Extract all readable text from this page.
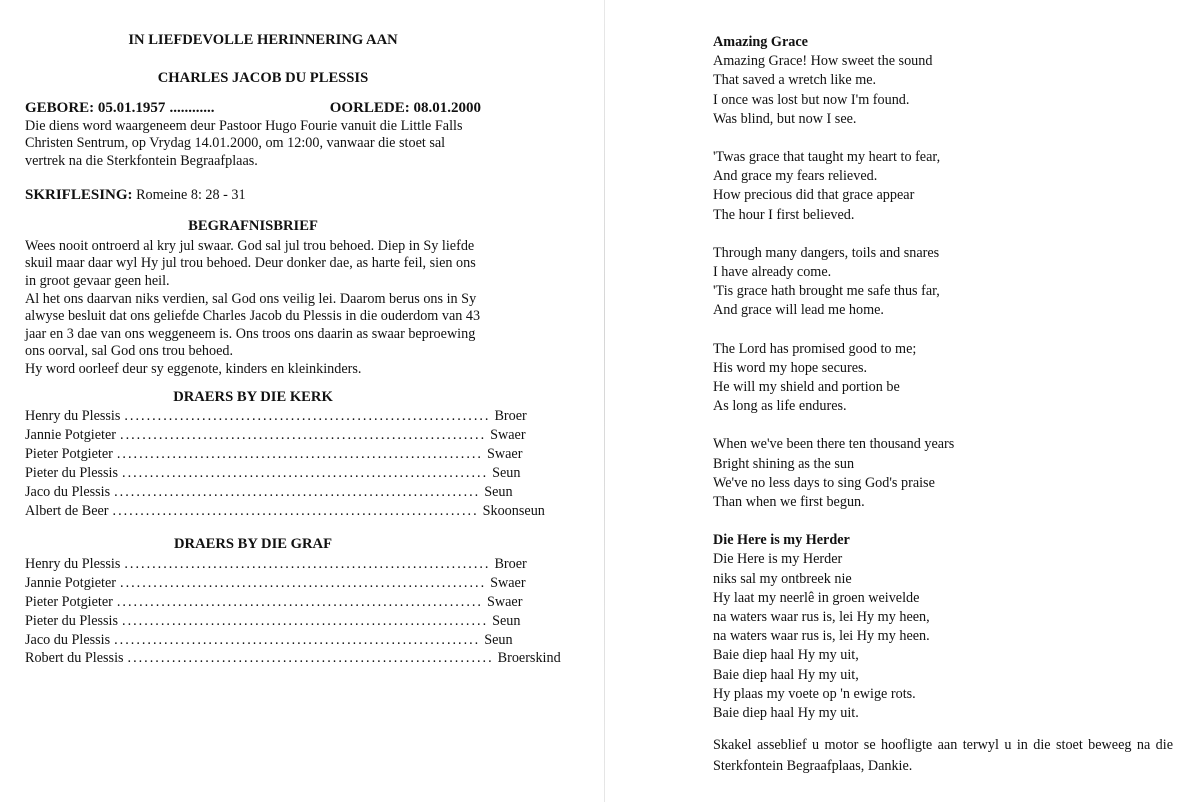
IN LIEFDEVOLLE HERINNERING AAN
CHARLES JACOB DU PLESSIS
GEBORE: 05.01.1957 ............	OORLEDE: 08.01.2000

Die diens word waargeneem deur Pastoor Hugo Fourie vanuit die Little Falls Christen Sentrum, op Vrydag 14.01.2000, om 12:00, vanwaar die stoet sal vertrek na die Sterkfontein Begraafplaas.

SKRIFLESING: Romeine 8: 28 - 31

BEGRAFNISBRIEF

Wees nooit ontroerd al kry jul swaar. God sal jul trou behoed. Diep in Sy liefde skuil maar daar wyl Hy jul trou behoed. Deur donker dae, as harte feil, sien ons in groot gevaar geen heil.

Al het ons daarvan niks verdien, sal God ons veilig lei. Daarom berus ons in Sy alwyse besluit dat ons geliefde Charles Jacob du Plessis in die ouderdom van 43 jaar en 3 dae van ons weggeneem is. Ons troos ons daarin as swaar beproewing ons oorval, sal God ons trou behoed.

Hy word oorleef deur sy eggenote, kinders en kleinkinders.

DRAERS BY DIE KERK
Henry du Plessis .................................................................. Broer
Jannie Potgieter .................................................................. Swaer
Pieter Potgieter .................................................................. Swaer
Pieter du Plessis .................................................................. Seun
Jaco du Plessis .................................................................. Seun
Albert de Beer .................................................................. Skoonseun
DRAERS BY DIE GRAF
Henry du Plessis .................................................................. Broer
Jannie Potgieter .................................................................. Swaer
Pieter Potgieter .................................................................. Swaer
Pieter du Plessis .................................................................. Seun
Jaco du Plessis .................................................................. Seun
Robert du Plessis .................................................................. Broerskind
Amazing Grace
Amazing Grace! How sweet the sound
That saved a wretch like me.
I once was lost but now I'm found.
Was blind, but now I see.
'Twas grace that taught my heart to fear,
And grace my fears relieved.
How precious did that grace appear
The hour I first believed.
Through many dangers, toils and snares
I have already come.
'Tis grace hath brought me safe thus far,
And grace will lead me home.
The Lord has promised good to me;
His word my hope secures.
He will my shield and portion be
As long as life endures.
When we've been there ten thousand years
Bright shining as the sun
We've no less days to sing God's praise
Than when we first begun.
Die Here is my Herder
Die Here is my Herder
niks sal my ontbreek nie
Hy laat my neerlê in groen weivelde
na waters waar rus is, lei Hy my heen,
na waters waar rus is, lei Hy my heen.
Baie diep haal Hy my uit,
Baie diep haal Hy my uit,
Hy plaas my voete op 'n ewige rots.
Baie diep haal Hy my uit.

Skakel asseblief u motor se hoofligte aan terwyl u in die stoet beweeg na die Sterkfontein Begraafplaas, Dankie.
